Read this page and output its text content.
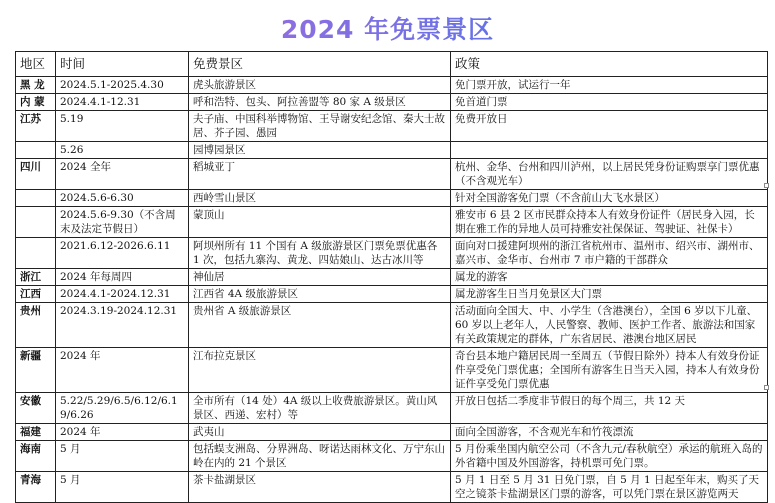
2024 年免票景区
地区	时间	免费景区	政策
黑 龙	2024.5.1-2025.4.30	虎头旅游景区	免门票开放，试运行一年
内 蒙	2024.4.1-12.31	呼和浩特、包头、阿拉善盟等 80 家 A 级景区	免首道门票
江苏	5.19	夫子庙、中国科举博物馆、王导谢安纪念馆、秦大士故居、芥子园、愚园	免费开放日
	5.26	园博园景区	
四川	2024 全年	稻城亚丁	杭州、金华、台州和四川泸州，以上居民凭身份证购票享门票优惠（不含观光车）
	2024.5.6-6.30	西岭雪山景区	针对全国游客免门票（不含前山大飞水景区）
	2024.5.6-9.30（不含周末及法定节假日）	蒙顶山	雅安市 6 县 2 区市民群众持本人有效身份证件（居民身入园，长期在雅工作的异地人员可持雅安社保保证、驾驶证、社保卡）
	2021.6.12-2026.6.11	阿坝州所有 11 个国有 A 级旅游景区门票免票优惠各 1 次，包括九寨沟、黄龙、四姑娘山、达古冰川等	面向对口援建阿坝州的浙江省杭州市、温州市、绍兴市、湖州市、嘉兴市、金华市、台州市 7 市户籍的干部群众
浙江	2024 年每周四	神仙居	属龙的游客
江西	2024.4.1-2024.12.31	江西省 4A 级旅游景区	属龙游客生日当月免景区大门票
贵州	2024.3.19-2024.12.31	贵州省 A 级旅游景区	活动面向全国大、中、小学生（含港澳台），全国 6 岁以下儿童、60 岁以上老年人，人民警察、教师、医护工作者、旅游法和国家有关政策规定的群体，广东省居民、港澳台地区居民
新疆	2024 年	江布拉克景区	奇台县本地户籍居民周一至周五（节假日除外）持本人有效身份证件享受免门票优惠；全国所有游客生日当天入园，持本人有效身份证件享受免门票优惠
安徽	5.22/5.29/6.5/6.12/6.19/6.26	全市所有（14 处）4A 级以上收费旅游景区。黄山风景区、西递、宏村）等	开放日包括二季度非节假日的每个周三，共 12 天
福建	2024 年	武夷山	面向全国游客，不含观光车和竹筏漂流
海南	5 月	包括蜈支洲岛、分界洲岛、呀诺达雨林文化、万宁东山岭在内的 21 个景区	5 月份乘坐国内航空公司（不含九元/春秋航空）承运的航班入岛的外省籍中国及外国游客，持机票可免门票。
青海	5 月	茶卡盐湖景区	5 月 1 日至 5 月 31 日免门票，自 5 月 1 日起至年末，购买了天空之镜茶卡盐湖景区门票的游客，可以凭门票在景区游览两天
